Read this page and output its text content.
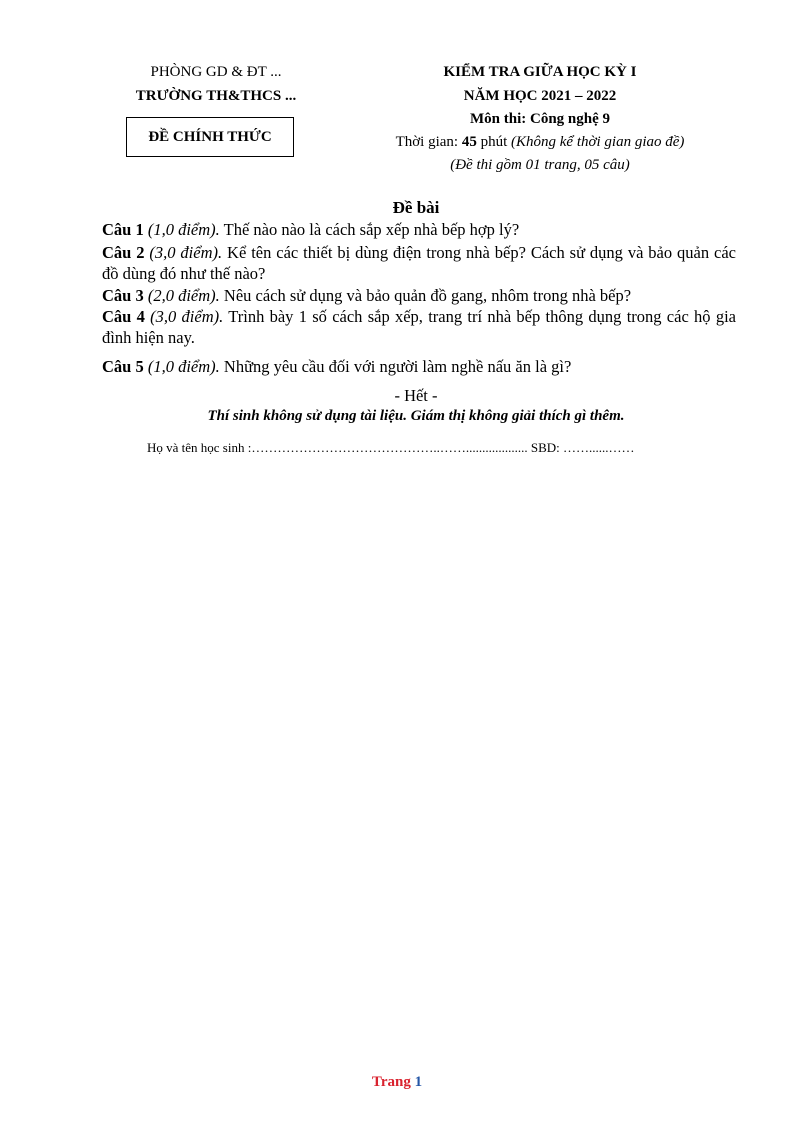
PHÒNG GD & ĐT ...
TRƯỜNG TH&THCS ...
ĐỀ CHÍNH THỨC
KIỂM TRA GIỮA HỌC KỲ I
NĂM HỌC 2021 – 2022
Môn thi: Công nghệ 9
Thời gian: 45 phút (Không kể thời gian giao đề)
(Đề thi gồm 01 trang, 05 câu)
Đề bài
Câu 1 (1,0 điểm). Thế nào nào là cách sắp xếp nhà bếp hợp lý?
Câu 2 (3,0 điểm). Kể tên các thiết bị dùng điện trong nhà bếp? Cách sử dụng và bảo quản các đồ dùng đó như thế nào?
Câu 3 (2,0 điểm). Nêu cách sử dụng và bảo quản đồ gang, nhôm trong nhà bếp?
Câu 4 (3,0 điểm). Trình bày 1 số cách sắp xếp, trang trí nhà bếp thông dụng trong các hộ gia đình hiện nay.
Câu 5 (1,0 điểm). Những yêu cầu đối với người làm nghề nấu ăn là gì?
- Hết -
Thí sinh không sử dụng tài liệu. Giám thị không giải thích gì thêm.
Họ và tên học sinh :……………………………………..……................... SBD: ……......……
Trang 1
